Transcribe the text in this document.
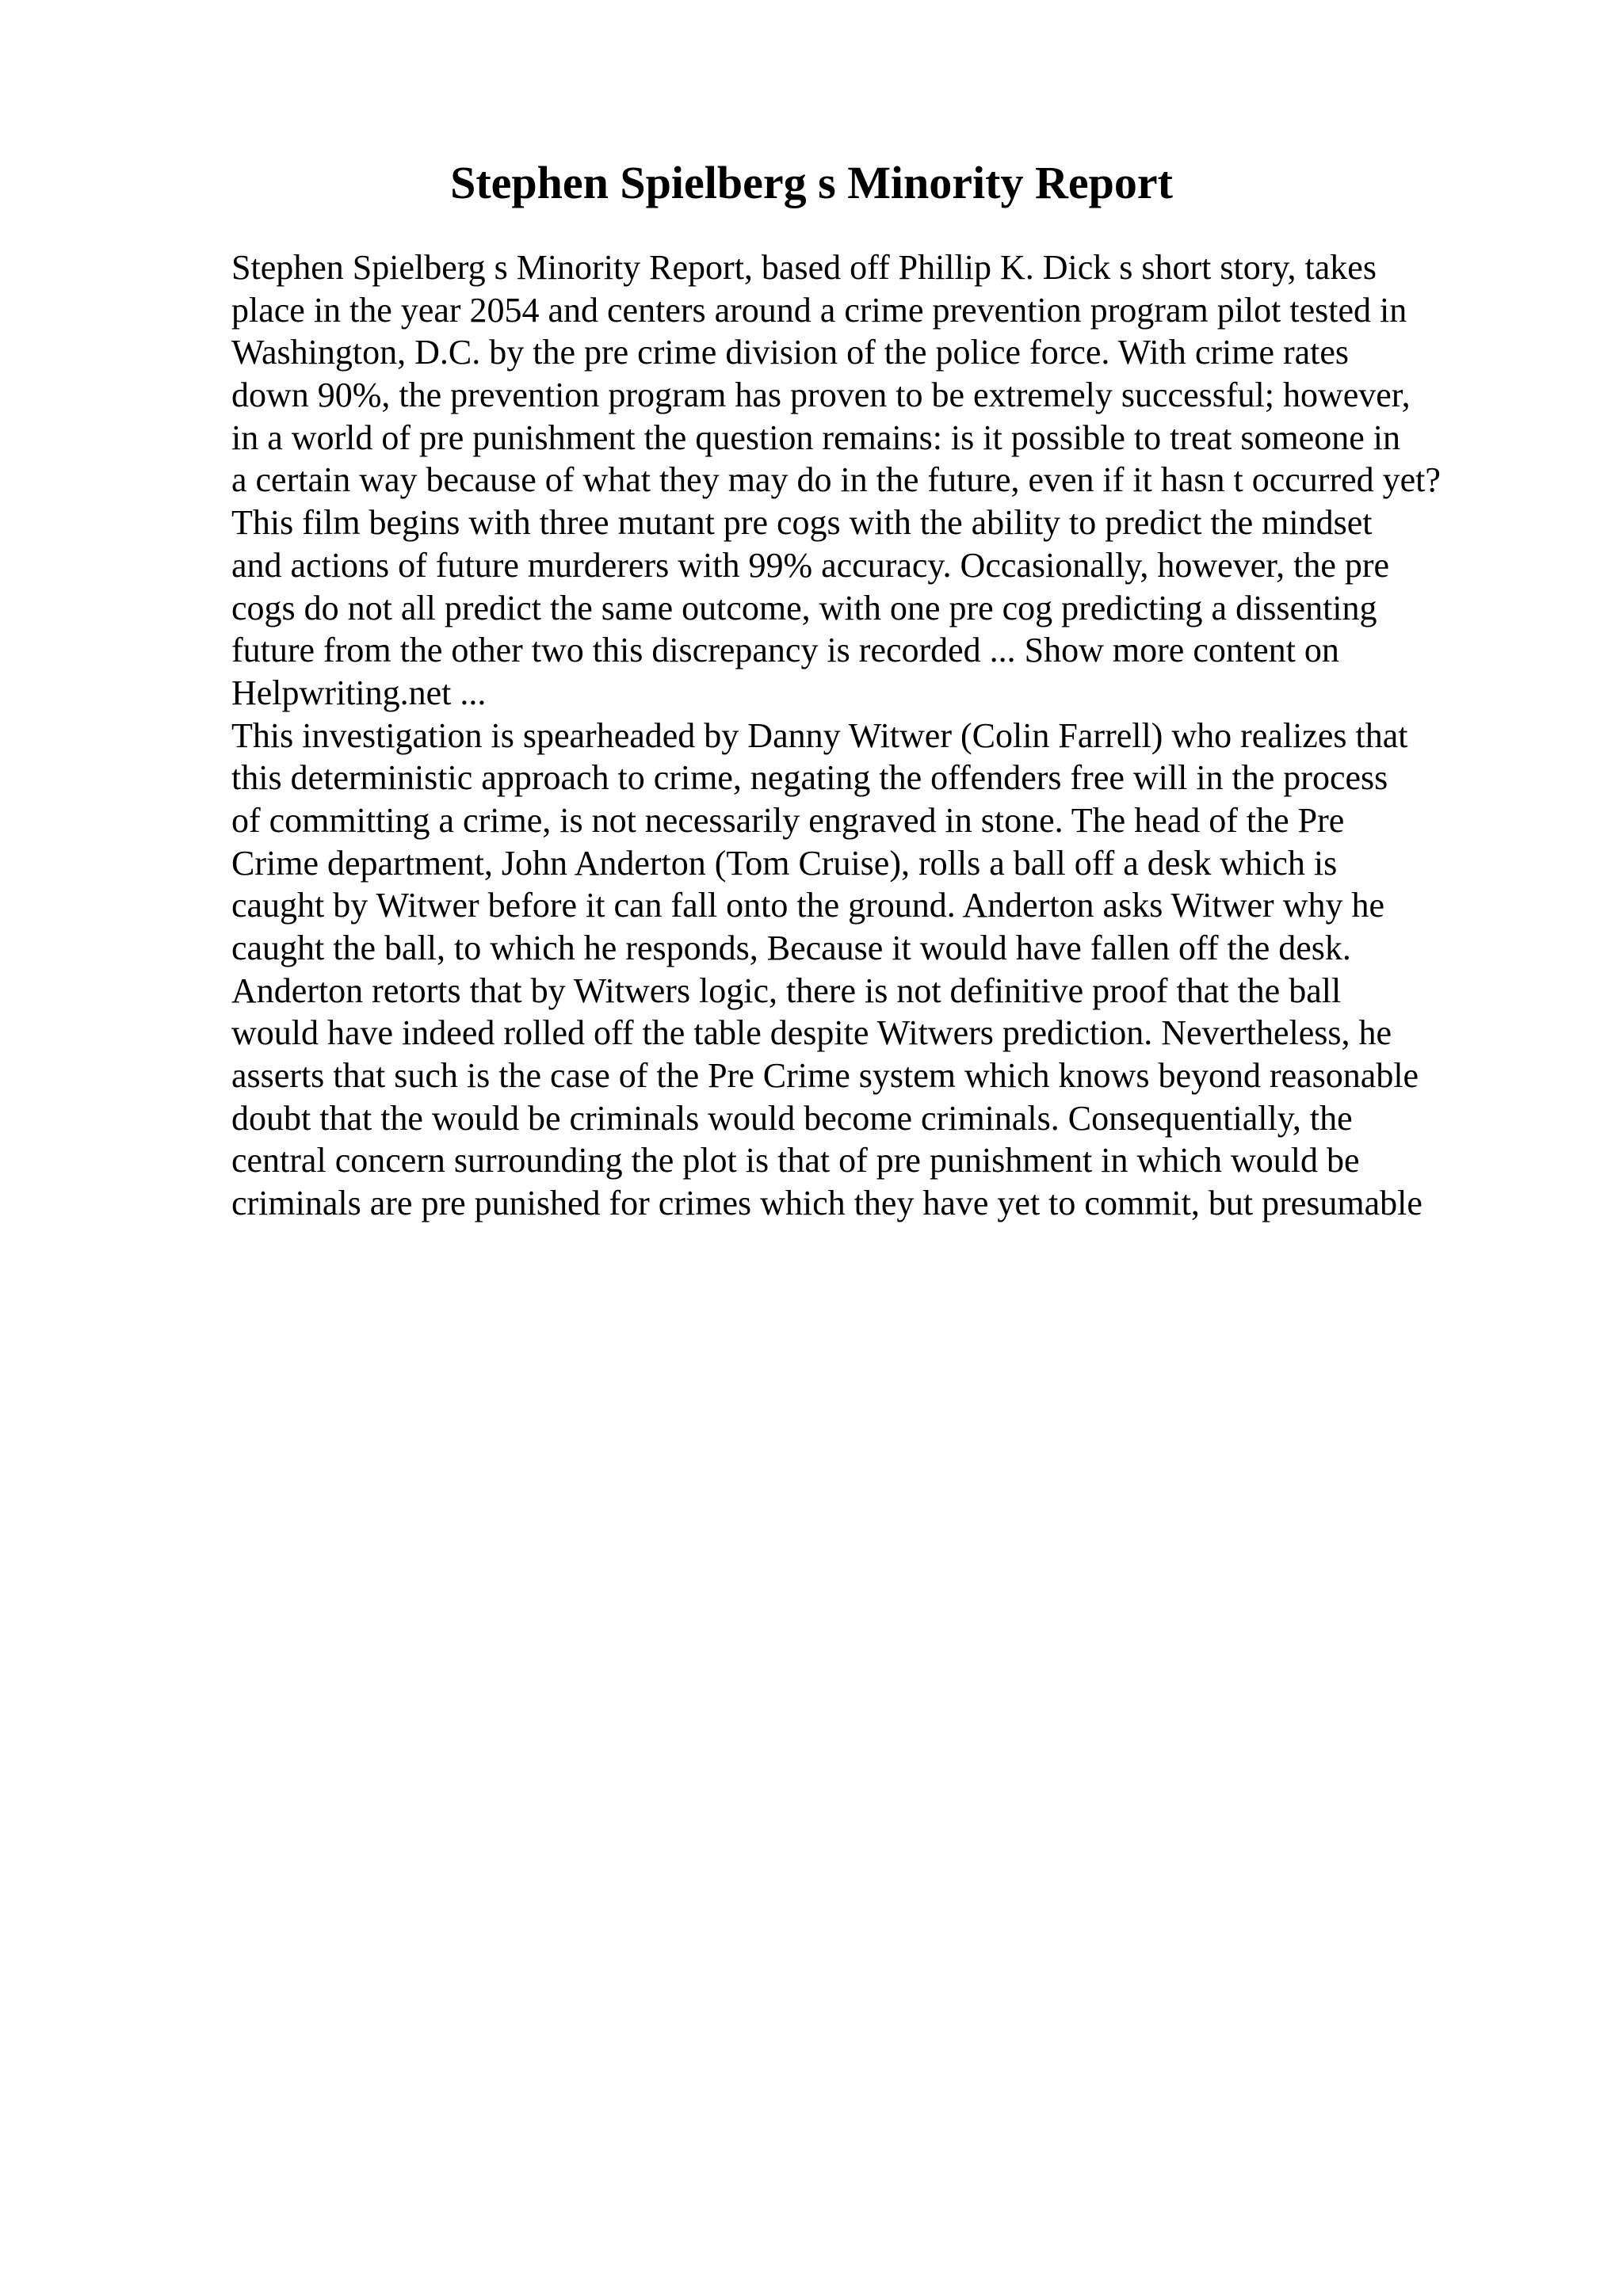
Stephen Spielberg s Minority Report
Stephen Spielberg s Minority Report, based off Phillip K. Dick s short story, takes
place in the year 2054 and centers around a crime prevention program pilot tested in
Washington, D.C. by the pre crime division of the police force. With crime rates
down 90%, the prevention program has proven to be extremely successful; however,
in a world of pre punishment the question remains: is it possible to treat someone in
a certain way because of what they may do in the future, even if it hasn t occurred yet?
This film begins with three mutant pre cogs with the ability to predict the mindset
and actions of future murderers with 99% accuracy. Occasionally, however, the pre
cogs do not all predict the same outcome, with one pre cog predicting a dissenting
future from the other two this discrepancy is recorded ... Show more content on
Helpwriting.net ...
This investigation is spearheaded by Danny Witwer (Colin Farrell) who realizes that
this deterministic approach to crime, negating the offenders free will in the process
of committing a crime, is not necessarily engraved in stone. The head of the Pre
Crime department, John Anderton (Tom Cruise), rolls a ball off a desk which is
caught by Witwer before it can fall onto the ground. Anderton asks Witwer why he
caught the ball, to which he responds, Because it would have fallen off the desk.
Anderton retorts that by Witwers logic, there is not definitive proof that the ball
would have indeed rolled off the table despite Witwers prediction. Nevertheless, he
asserts that such is the case of the Pre Crime system which knows beyond reasonable
doubt that the would be criminals would become criminals. Consequentially, the
central concern surrounding the plot is that of pre punishment in which would be
criminals are pre punished for crimes which they have yet to commit, but presumable
